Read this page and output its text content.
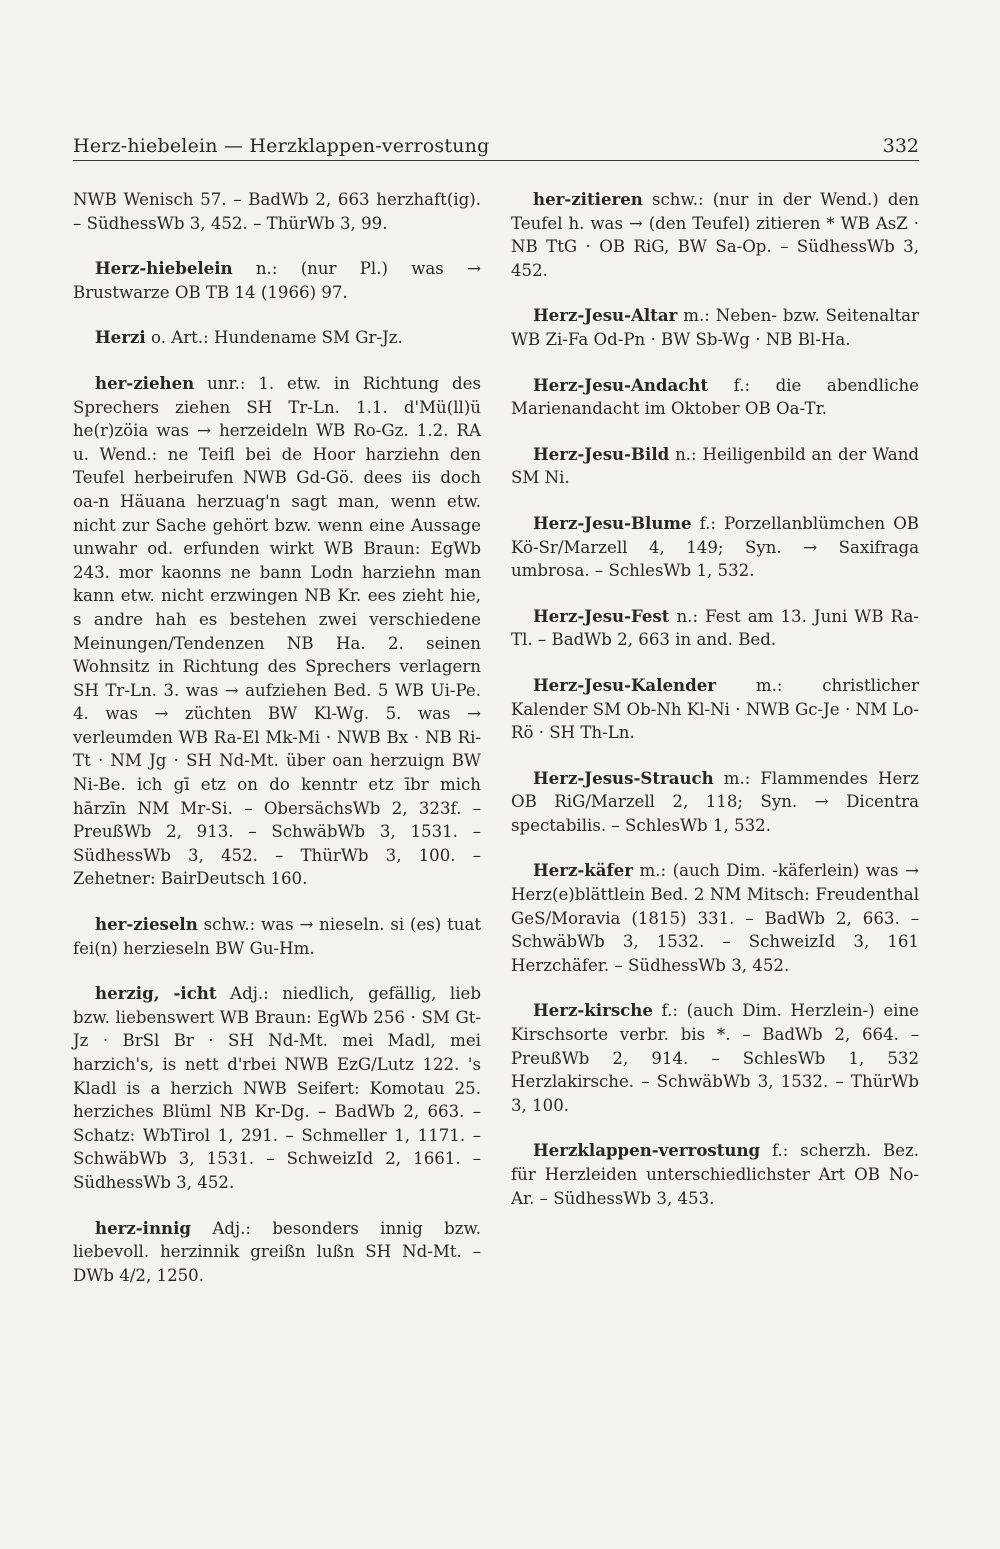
Herz-hiebelein — Herzklappen-verrostung	332

NWB Wenisch 57. – BadWb 2, 663 herzhaft(ig). – SüdhessWb 3, 452. – ThürWb 3, 99.

Herz-hiebelein n.: (nur Pl.) was → Brustwarze OB TB 14 (1966) 97.

Herzi o. Art.: Hundename SM Gr-Jz.

her-ziehen unr.: 1. etw. in Richtung des Sprechers ziehen SH Tr-Ln. 1.1. d'Mü(ll)ü he(r)zöia was → herzeideln WB Ro-Gz. 1.2. RA u. Wend.: ne Teifl bei de Hoor harziehn den Teufel herbeirufen NWB Gd-Gö. dees iis doch oa-n Häuana herzuag'n sagt man, wenn etw. nicht zur Sache gehört bzw. wenn eine Aussage unwahr od. erfunden wirkt WB Braun: EgWb 243. mor kaonns ne bann Lodn harziehn man kann etw. nicht erzwingen NB Kr. ees zieht hie, s andre hah es bestehen zwei verschiedene Meinungen/Tendenzen NB Ha. 2. seinen Wohnsitz in Richtung des Sprechers verlagern SH Tr-Ln. 3. was → aufziehen Bed. 5 WB Ui-Pe. 4. was → züchten BW Kl-Wg. 5. was → verleumden WB Ra-El Mk-Mi · NWB Bx · NB Ri-Tt · NM Jg · SH Nd-Mt. über oan herzuign BW Ni-Be. ich gī etz on do kenntr etz ībr mich hārzīn NM Mr-Si. – ObersächsWb 2, 323f. – PreußWb 2, 913. – SchwäbWb 3, 1531. – SüdhessWb 3, 452. – ThürWb 3, 100. – Zehetner: BairDeutsch 160.

her-zieseln schw.: was → nieseln. si (es) tuat fei(n) herzieseln BW Gu-Hm.

herzig, -icht Adj.: niedlich, gefällig, lieb bzw. liebenswert WB Braun: EgWb 256 · SM Gt-Jz · BrSl Br · SH Nd-Mt. mei Madl, mei harzich's, is nett d'rbei NWB EzG/Lutz 122. 's Kladl is a herzich NWB Seifert: Komotau 25. herziches Blüml NB Kr-Dg. – BadWb 2, 663. – Schatz: WbTirol 1, 291. – Schmeller 1, 1171. – SchwäbWb 3, 1531. – SchweizId 2, 1661. – SüdhessWb 3, 452.

herz-innig Adj.: besonders innig bzw. liebevoll. herzinnik greißn lußn SH Nd-Mt. – DWb 4/2, 1250.

her-zitieren schw.: (nur in der Wend.) den Teufel h. was → (den Teufel) zitieren * WB AsZ · NB TtG · OB RiG, BW Sa-Op. – SüdhessWb 3, 452.

Herz-Jesu-Altar m.: Neben- bzw. Seitenaltar WB Zi-Fa Od-Pn · BW Sb-Wg · NB Bl-Ha.

Herz-Jesu-Andacht f.: die abendliche Marienandacht im Oktober OB Oa-Tr.

Herz-Jesu-Bild n.: Heiligenbild an der Wand SM Ni.

Herz-Jesu-Blume f.: Porzellanblümchen OB Kö-Sr/Marzell 4, 149; Syn. → Saxifraga umbrosa. – SchlesWb 1, 532.

Herz-Jesu-Fest n.: Fest am 13. Juni WB Ra-Tl. – BadWb 2, 663 in and. Bed.

Herz-Jesu-Kalender m.: christlicher Kalender SM Ob-Nh Kl-Ni · NWB Gc-Je · NM Lo-Rö · SH Th-Ln.

Herz-Jesus-Strauch m.: Flammendes Herz OB RiG/Marzell 2, 118; Syn. → Dicentra spectabilis. – SchlesWb 1, 532.

Herz-käfer m.: (auch Dim. -käferlein) was → Herz(e)blättlein Bed. 2 NM Mitsch: Freudenthal GeS/Moravia (1815) 331. – BadWb 2, 663. – SchwäbWb 3, 1532. – SchweizId 3, 161 Herzchäfer. – SüdhessWb 3, 452.

Herz-kirsche f.: (auch Dim. Herzlein-) eine Kirschsorte verbr. bis *. – BadWb 2, 664. – PreußWb 2, 914. – SchlesWb 1, 532 Herzlakirsche. – SchwäbWb 3, 1532. – ThürWb 3, 100.

Herzklappen-verrostung f.: scherzh. Bez. für Herzleiden unterschiedlichster Art OB No-Ar. – SüdhessWb 3, 453.
